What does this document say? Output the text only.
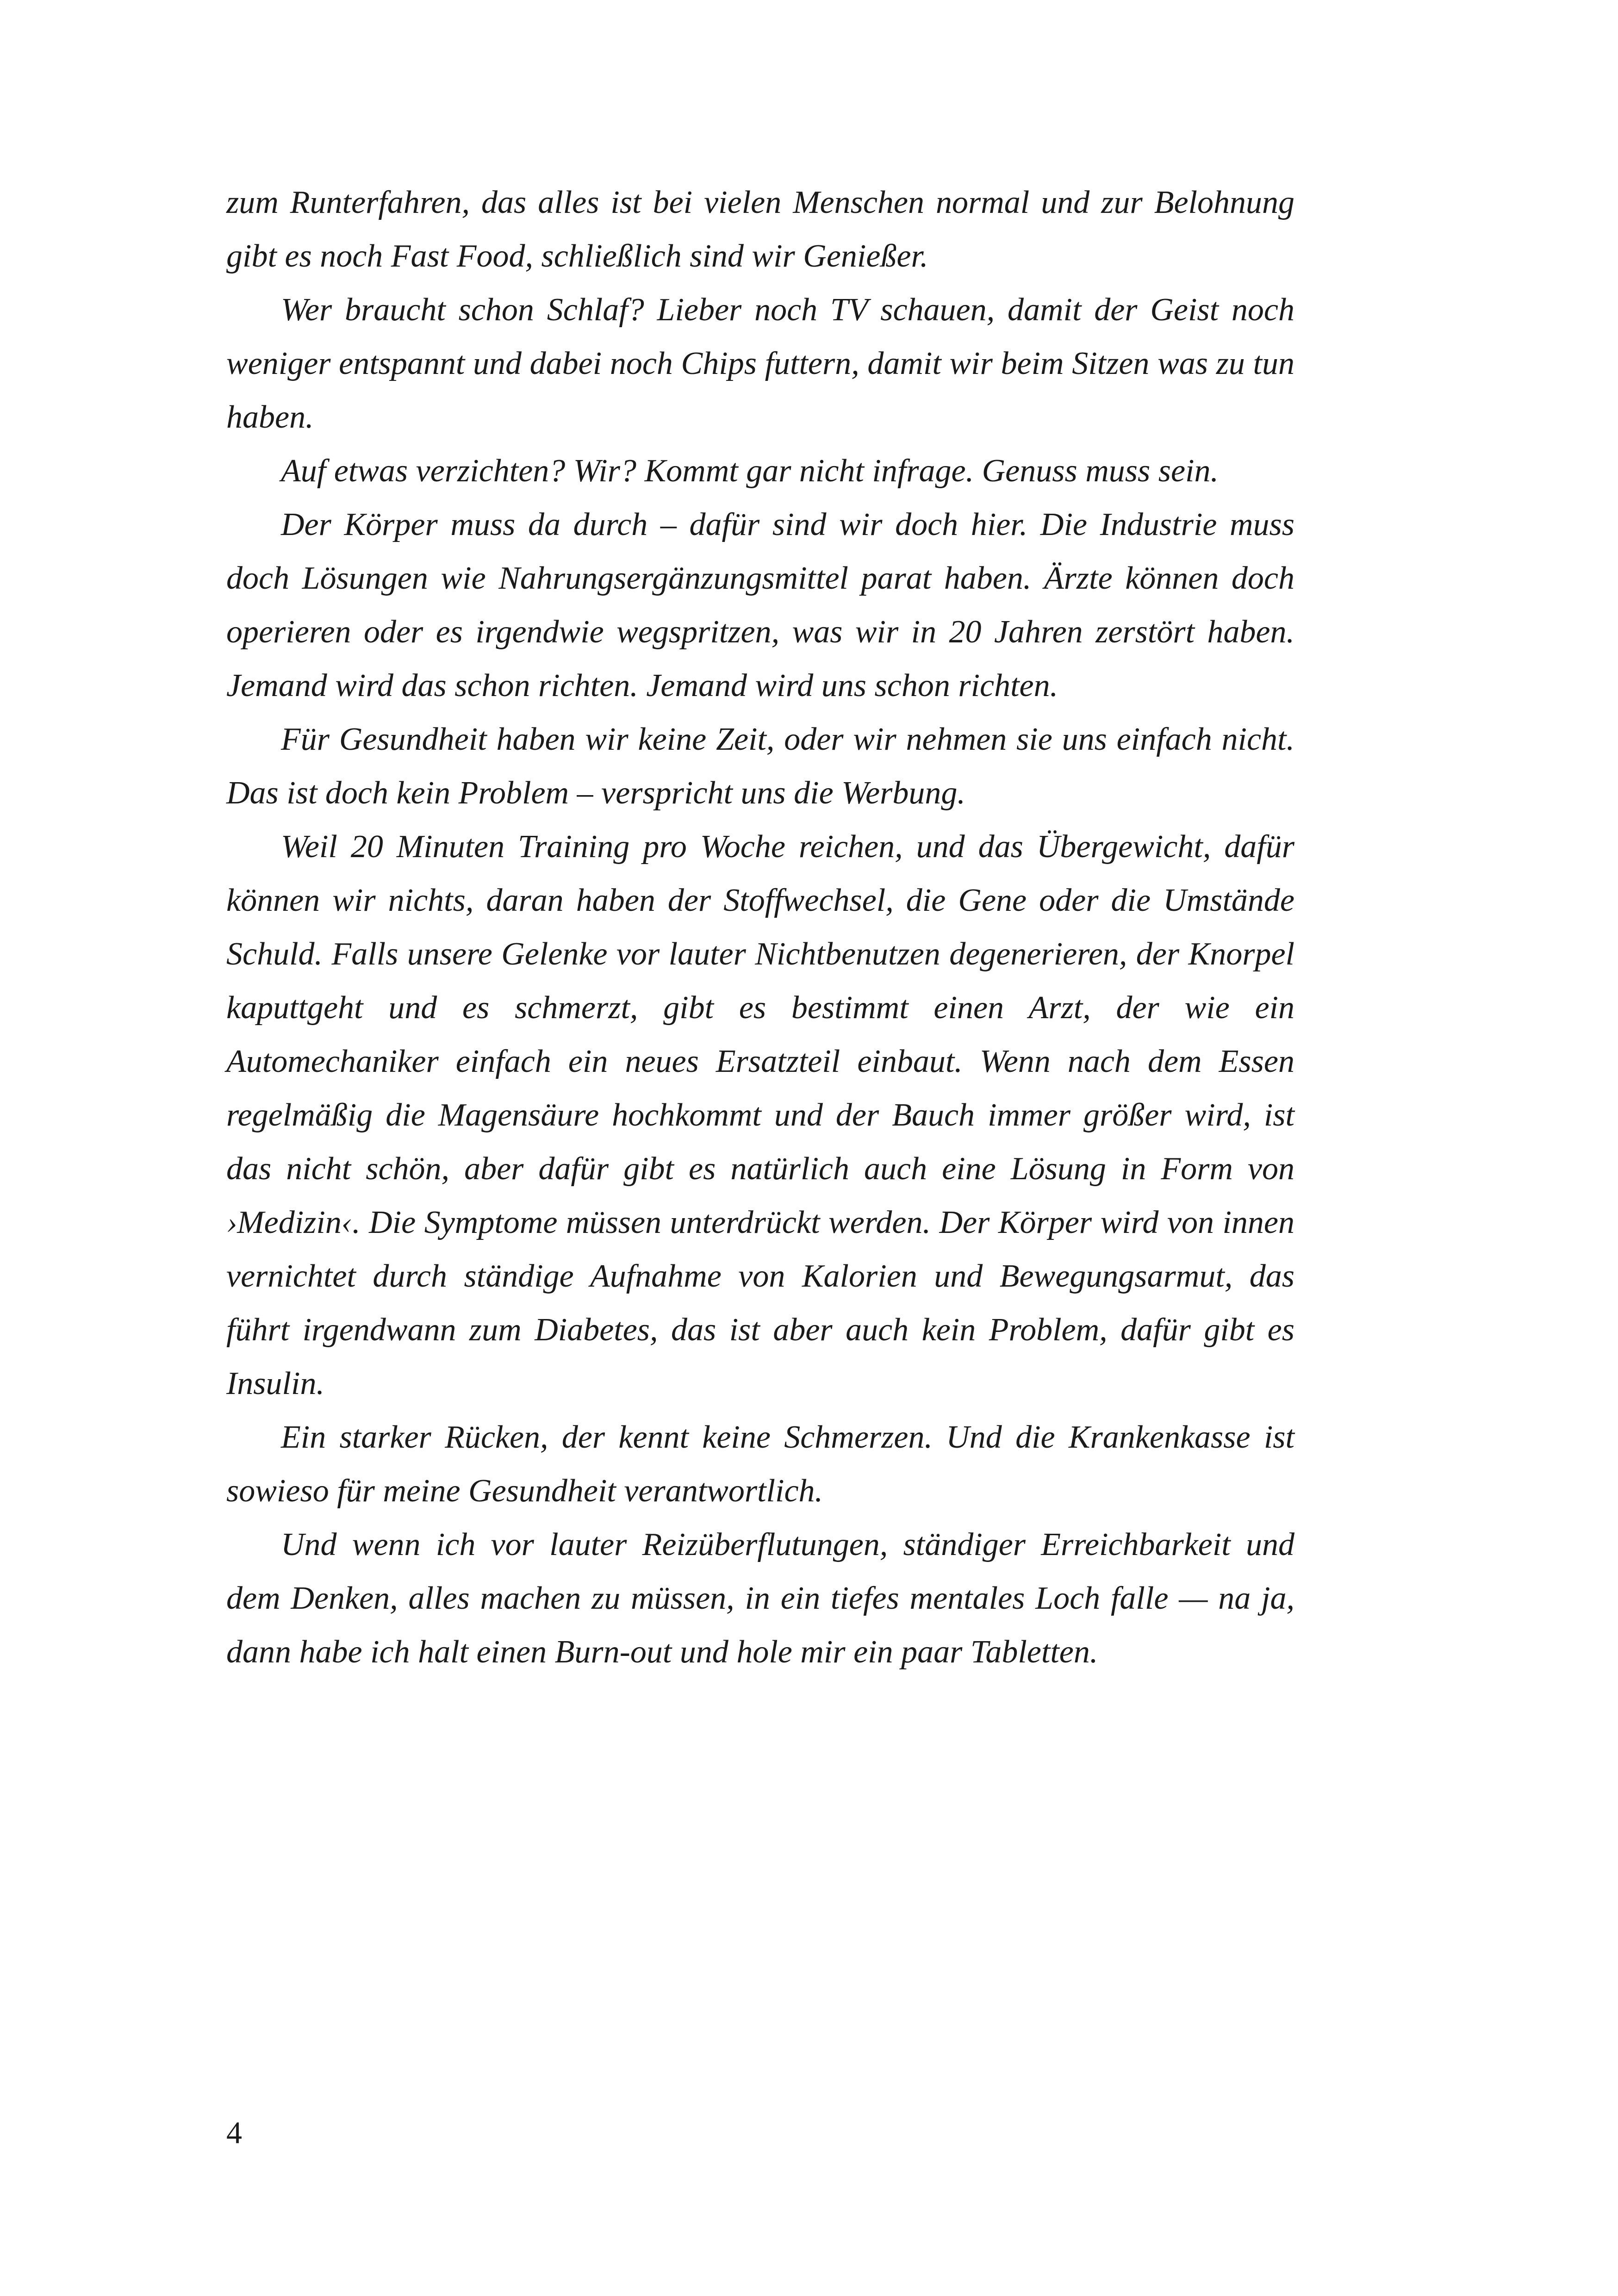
zum Runterfahren, das alles ist bei vielen Menschen normal und zur Belohnung gibt es noch Fast Food, schließlich sind wir Genießer.

Wer braucht schon Schlaf? Lieber noch TV schauen, damit der Geist noch weniger entspannt und dabei noch Chips futtern, damit wir beim Sitzen was zu tun haben.

Auf etwas verzichten? Wir? Kommt gar nicht infrage. Genuss muss sein.

Der Körper muss da durch – dafür sind wir doch hier. Die Industrie muss doch Lösungen wie Nahrungsergänzungsmittel parat haben. Ärzte können doch operieren oder es irgendwie wegspritzen, was wir in 20 Jahren zerstört haben. Jemand wird das schon richten. Jemand wird uns schon richten.

Für Gesundheit haben wir keine Zeit, oder wir nehmen sie uns einfach nicht. Das ist doch kein Problem – verspricht uns die Werbung.

Weil 20 Minuten Training pro Woche reichen, und das Übergewicht, dafür können wir nichts, daran haben der Stoffwechsel, die Gene oder die Umstände Schuld. Falls unsere Gelenke vor lauter Nichtbenutzen degenerieren, der Knorpel kaputtgeht und es schmerzt, gibt es bestimmt einen Arzt, der wie ein Automechaniker einfach ein neues Ersatzteil einbaut. Wenn nach dem Essen regelmäßig die Magensäure hochkommt und der Bauch immer größer wird, ist das nicht schön, aber dafür gibt es natürlich auch eine Lösung in Form von ›Medizin‹. Die Symptome müssen unterdrückt werden. Der Körper wird von innen vernichtet durch ständige Aufnahme von Kalorien und Bewegungsarmut, das führt irgendwann zum Diabetes, das ist aber auch kein Problem, dafür gibt es Insulin.

Ein starker Rücken, der kennt keine Schmerzen. Und die Krankenkasse ist sowieso für meine Gesundheit verantwortlich.

Und wenn ich vor lauter Reizüberflutungen, ständiger Erreichbarkeit und dem Denken, alles machen zu müssen, in ein tiefes mentales Loch falle — na ja, dann habe ich halt einen Burn-out und hole mir ein paar Tabletten.

4
